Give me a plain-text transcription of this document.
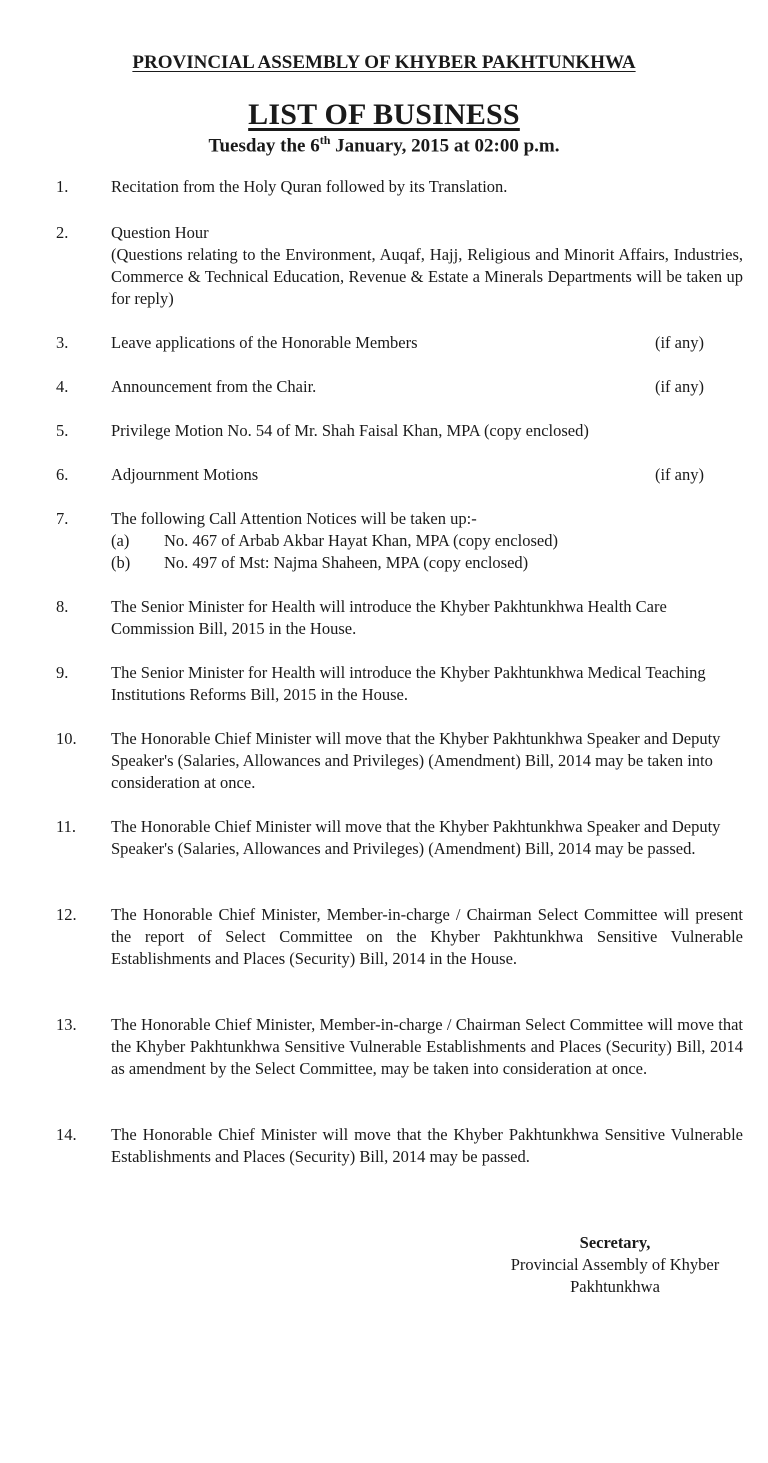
PROVINCIAL ASSEMBLY OF KHYBER PAKHTUNKHWA
LIST OF BUSINESS
Tuesday the 6th January, 2015 at 02:00 p.m.
1.	Recitation from the Holy Quran followed by its Translation.
2.	Question Hour
(Questions relating to the Environment, Auqaf, Hajj, Religious and Minorit Affairs, Industries, Commerce & Technical Education, Revenue & Estate a Minerals Departments will be taken up for reply)
3.	Leave applications of the Honorable Members	(if any)
4.	Announcement from the Chair.	(if any)
5.	Privilege Motion No. 54 of Mr. Shah Faisal Khan, MPA (copy enclosed)
6.	Adjournment Motions	(if any)
7.	The following Call Attention Notices will be taken up:-
(a) No. 467 of Arbab Akbar Hayat Khan, MPA (copy enclosed)
(b) No. 497 of Mst: Najma Shaheen, MPA (copy enclosed)
8.	The Senior Minister for Health will introduce the Khyber Pakhtunkhwa Health Care Commission Bill, 2015 in the House.
9.	The Senior Minister for Health will introduce the Khyber Pakhtunkhwa Medical Teaching Institutions Reforms Bill, 2015 in the House.
10. The Honorable Chief Minister will move that the Khyber Pakhtunkhwa Speaker and Deputy Speaker's (Salaries, Allowances and Privileges) (Amendment) Bill, 2014 may be taken into consideration at once.
11. The Honorable Chief Minister will move that the Khyber Pakhtunkhwa Speaker and Deputy Speaker's (Salaries, Allowances and Privileges) (Amendment) Bill, 2014 may be passed.
12. The Honorable Chief Minister, Member-in-charge / Chairman Select Committee will present the report of Select Committee on the Khyber Pakhtunkhwa Sensitive Vulnerable Establishments and Places (Security) Bill, 2014 in the House.
13. The Honorable Chief Minister, Member-in-charge / Chairman Select Committee will move that the Khyber Pakhtunkhwa Sensitive Vulnerable Establishments and Places (Security) Bill, 2014 as amendment by the Select Committee, may be taken into consideration at once.
14. The Honorable Chief Minister will move that the Khyber Pakhtunkhwa Sensitive Vulnerable Establishments and Places (Security) Bill, 2014 may be passed.
Secretary,
Provincial Assembly of Khyber
Pakhtunkhwa
